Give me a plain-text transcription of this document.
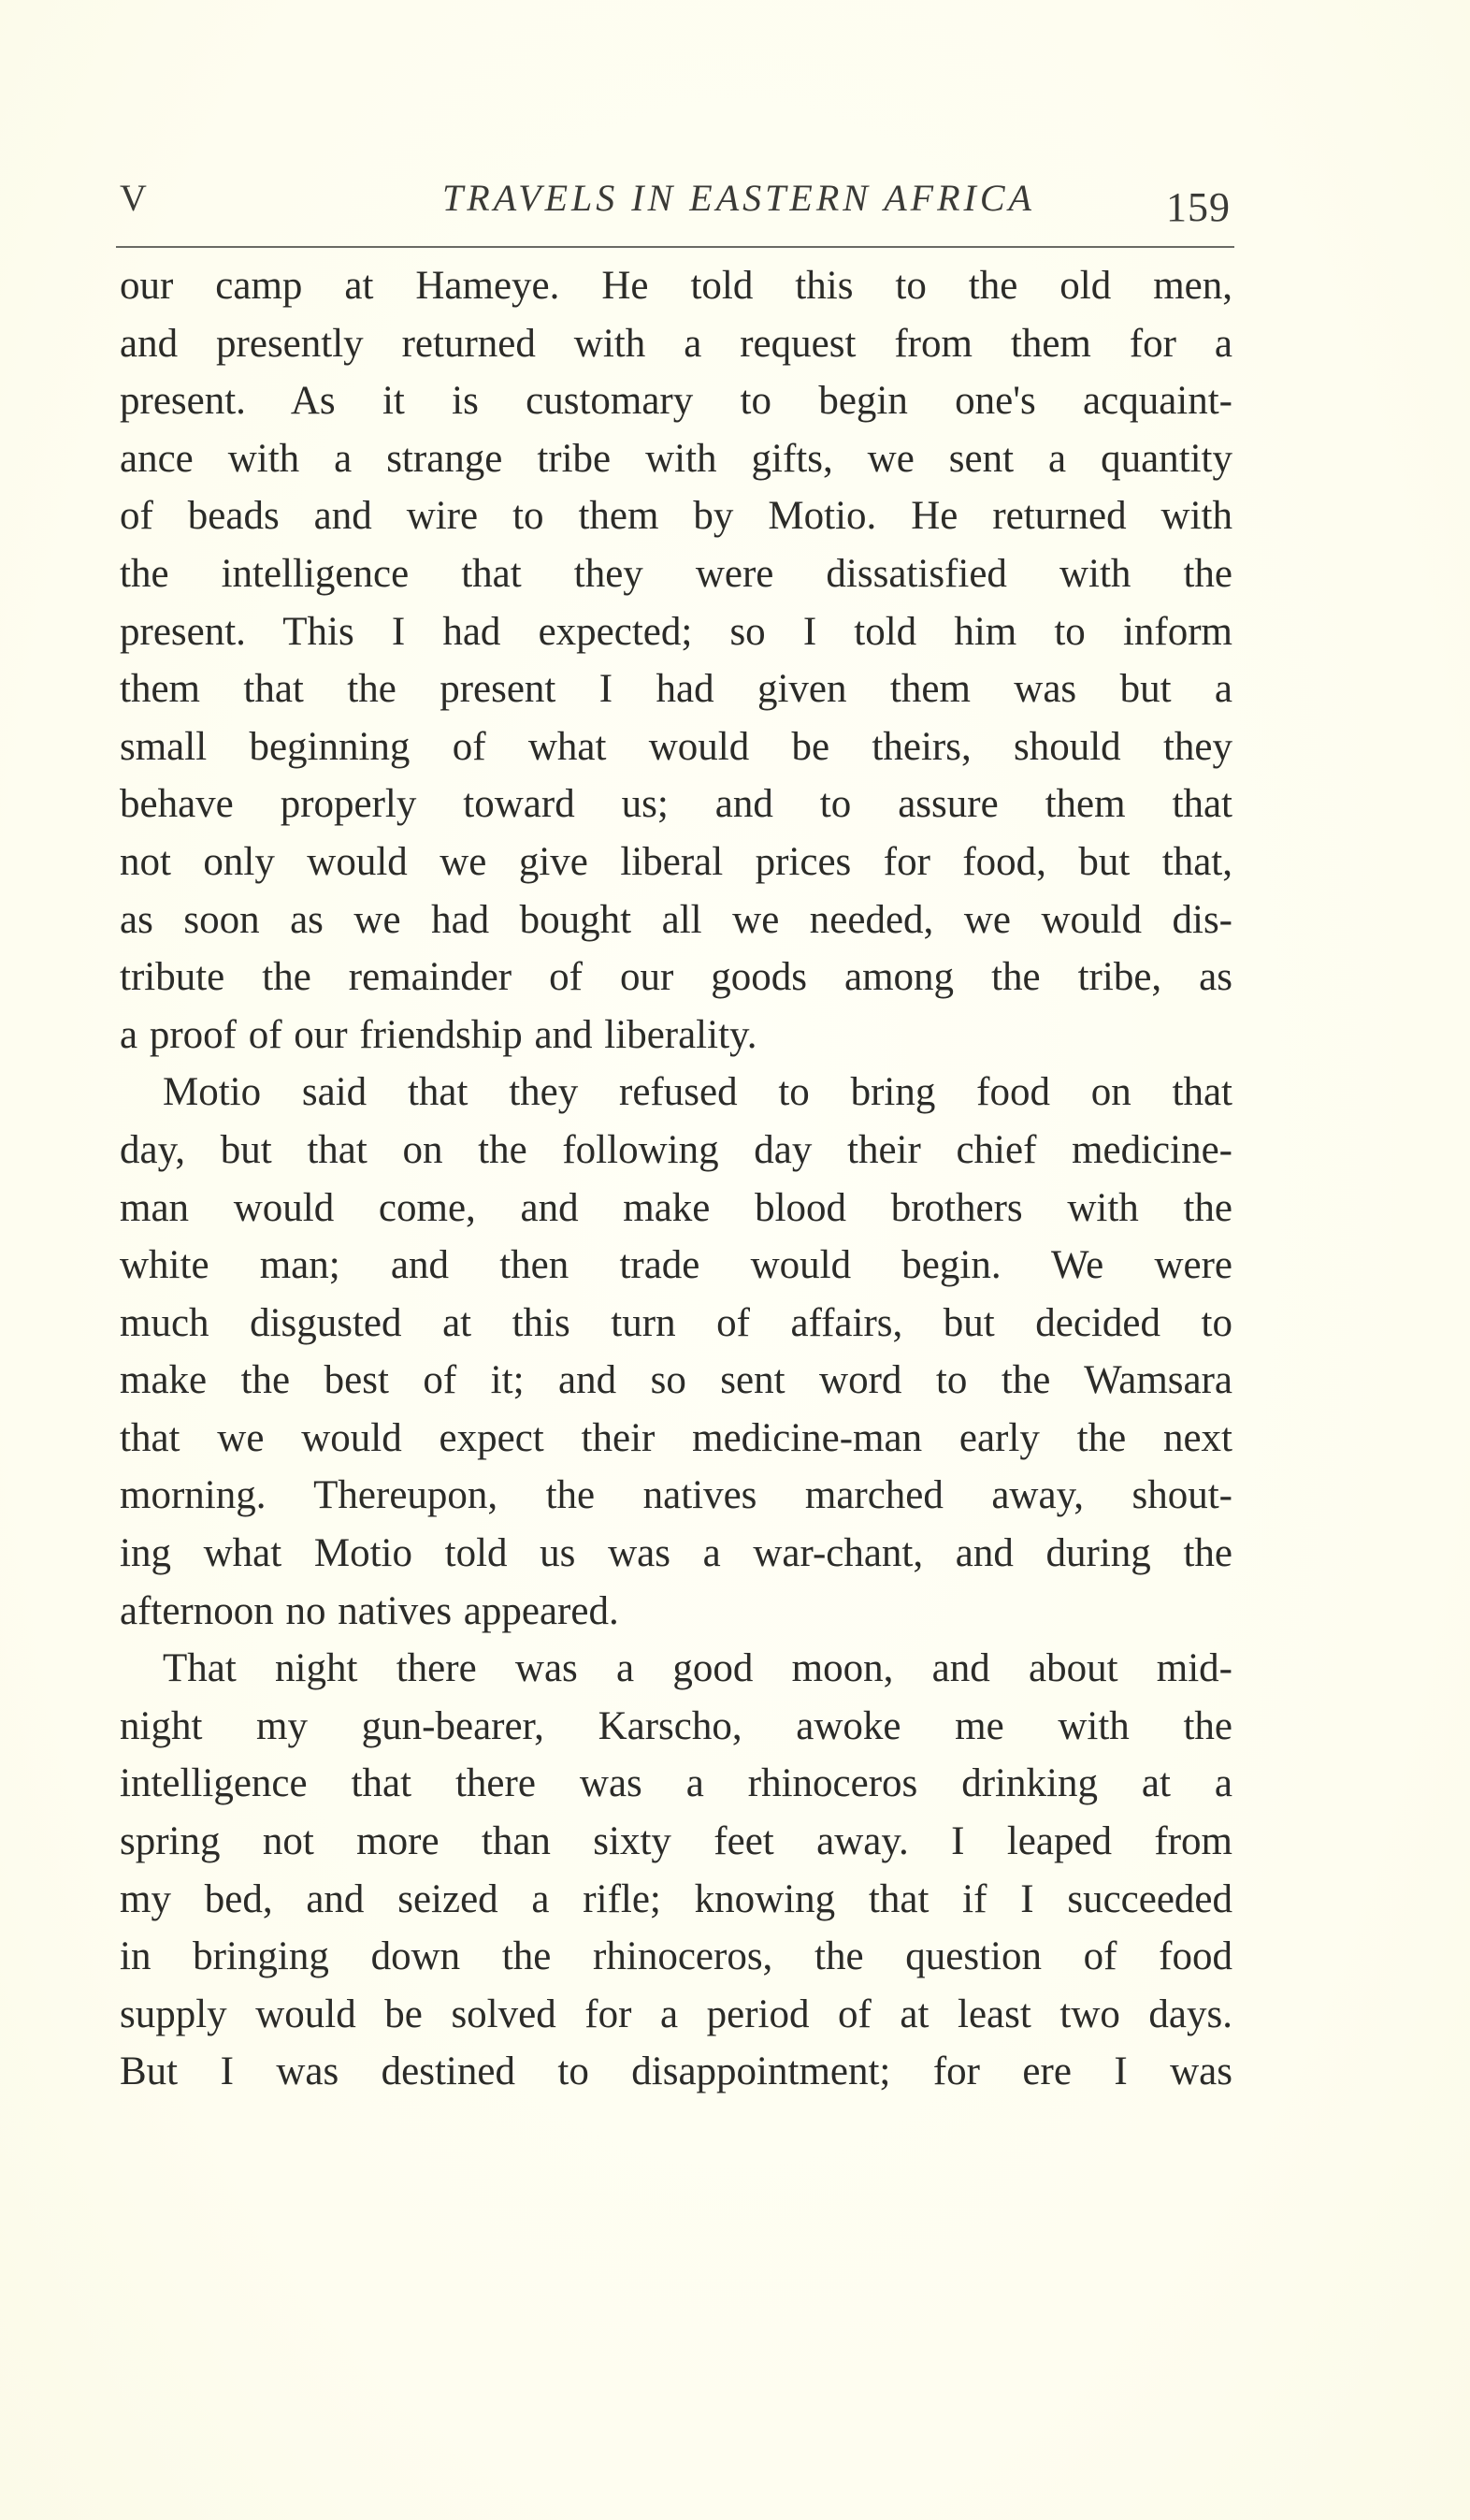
V	TRAVELS IN EASTERN AFRICA	159
our camp at Hameye. He told this to the old men,
and presently returned with a request from them for a
present. As it is customary to begin one's acquaint-
ance with a strange tribe with gifts, we sent a quantity
of beads and wire to them by Motio. He returned with
the intelligence that they were dissatisfied with the
present. This I had expected; so I told him to inform
them that the present I had given them was but a
small beginning of what would be theirs, should they
behave properly toward us; and to assure them that
not only would we give liberal prices for food, but that,
as soon as we had bought all we needed, we would dis-
tribute the remainder of our goods among the tribe, as
a proof of our friendship and liberality.
Motio said that they refused to bring food on that
day, but that on the following day their chief medicine-
man would come, and make blood brothers with the
white man; and then trade would begin. We were
much disgusted at this turn of affairs, but decided to
make the best of it; and so sent word to the Wamsara
that we would expect their medicine-man early the next
morning. Thereupon, the natives marched away, shout-
ing what Motio told us was a war-chant, and during the
afternoon no natives appeared.
That night there was a good moon, and about mid-
night my gun-bearer, Karscho, awoke me with the
intelligence that there was a rhinoceros drinking at a
spring not more than sixty feet away. I leaped from
my bed, and seized a rifle; knowing that if I succeeded
in bringing down the rhinoceros, the question of food
supply would be solved for a period of at least two days.
But I was destined to disappointment; for ere I was
